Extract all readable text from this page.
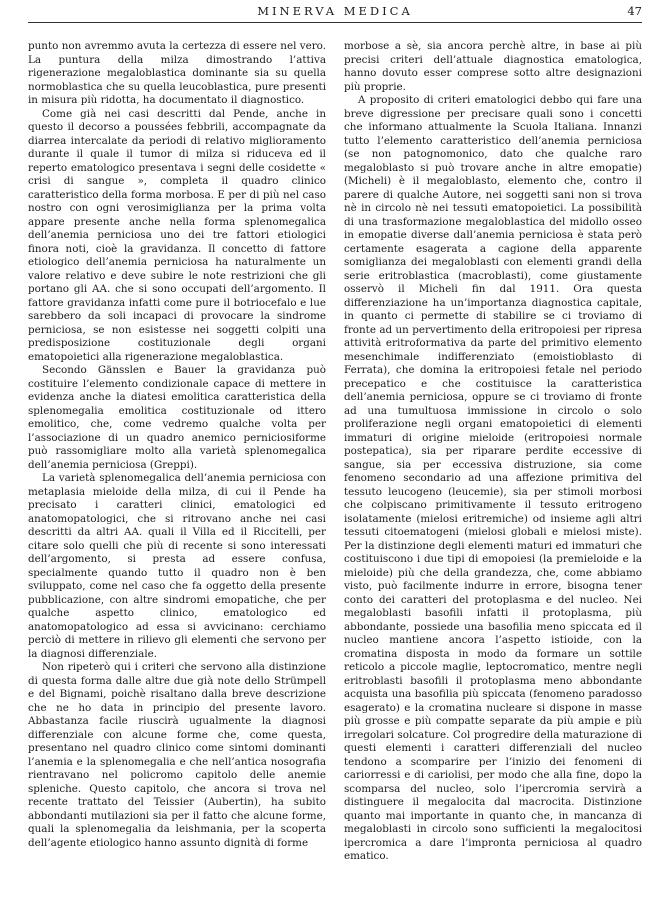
MINERVA MEDICA	47

punto non avremmo avuta la certezza di essere nel vero. La puntura della milza dimostrando l’attiva rigenerazione megaloblastica dominante sia su quella normoblastica che su quella leucoblastica, pure presenti in misura più ridotta, ha documentato il diagnostico.

Come già nei casi descritti dal Pende, anche in questo il decorso a poussées febbrili, accompagnate da diarrea intercalate da periodi di relativo miglioramento durante il quale il tumor di milza si riduceva ed il reperto ematologico presentava i segni delle cosidette « crisi di sangue », completa il quadro clinico caratteristico della forma morbosa. E per di più nel caso nostro con ogni verosimiglianza per la prima volta appare presente anche nella forma splenomegalica dell’anemia perniciosa uno dei tre fattori etiologici finora noti, cioè la gravidanza. Il concetto di fattore etiologico dell’anemia perniciosa ha naturalmente un valore relativo e deve subire le note restrizioni che gli portano gli AA. che si sono occupati dell’argomento. Il fattore gravidanza infatti come pure il botriocefalo e lue sarebbero da soli incapaci di provocare la sindrome perniciosa, se non esistesse nei soggetti colpiti una predisposizione costituzionale degli organi ematopoietici alla rigenerazione megaloblastica.

Secondo Gänsslen e Bauer la gravidanza può costituire l’elemento condizionale capace di mettere in evidenza anche la diatesi emolitica caratteristica della splenomegalia emolitica costituzionale od ittero emolitico, che, come vedremo qualche volta per l’associazione di un quadro anemico perniciosiforme può rassomigliare molto alla varietà splenomegalica dell’anemia perniciosa (Greppi).

La varietà splenomegalica dell’anemia perniciosa con metaplasia mieloide della milza, di cui il Pende ha precisato i caratteri clinici, ematologici ed anatomopatologici, che si ritrovano anche nei casi descritti da altri AA. quali il Villa ed il Riccitelli, per citare solo quelli che più di recente si sono interessati dell’argomento, si presta ad essere confusa, specialmente quando tutto il quadro non è ben sviluppato, come nel caso che fa oggetto della presente pubblicazione, con altre sindromi emopatiche, che per qualche aspetto clinico, ematologico ed anatomopatologico ad essa si avvicinano: cerchiamo perciò di mettere in rilievo gli elementi che servono per la diagnosi differenziale.

Non ripeterò qui i criteri che servono alla distinzione di questa forma dalle altre due già note dello Strümpell e del Bignami, poichè risaltano dalla breve descrizione che ne ho data in principio del presente lavoro. Abbastanza facile riuscirà ugualmente la diagnosi differenziale con alcune forme che, come questa, presentano nel quadro clinico come sintomi dominanti l’anemia e la splenomegalia e che nell’antica nosografia rientravano nel policromo capitolo delle anemie spleniche. Questo capitolo, che ancora si trova nel recente trattato del Teissier (Aubertin), ha subito abbondanti mutilazioni sia per il fatto che alcune forme, quali la splenomegalia da leishmania, per la scoperta dell’agente etiologico hanno assunto dignità di forme

morbose a sè, sia ancora perchè altre, in base ai più precisi criteri dell’attuale diagnostica ematologica, hanno dovuto esser comprese sotto altre designazioni più proprie.

A proposito di criteri ematologici debbo qui fare una breve digressione per precisare quali sono i concetti che informano attualmente la Scuola Italiana. Innanzi tutto l’elemento caratteristico dell’anemia perniciosa (se non patognomonico, dato che qualche raro megaloblasto si può trovare anche in altre emopatie) (Micheli) è il megaloblasto, elemento che, contro il parere di qualche Autore, nei soggetti sani non si trova nè in circolo nè nei tessuti ematopoietici. La possibilità di una trasformazione megaloblastica del midollo osseo in emopatie diverse dall’anemia perniciosa è stata però certamente esagerata a cagione della apparente somiglianza dei megaloblasti con elementi grandi della serie eritroblastica (macroblasti), come giustamente osservò il Micheli fin dal 1911. Ora questa differenziazione ha un’importanza diagnostica capitale, in quanto ci permette di stabilire se ci troviamo di fronte ad un pervertimento della eritropoiesi per ripresa attività eritroformativa da parte del primitivo elemento mesenchimale indifferenziato (emoistioblasto di Ferrata), che domina la eritropoiesi fetale nel periodo precepatico e che costituisce la caratteristica dell’anemia perniciosa, oppure se ci troviamo di fronte ad una tumultuosa immissione in circolo o solo proliferazione negli organi ematopoietici di elementi immaturi di origine mieloide (eritropoiesi normale postepatica), sia per riparare perdite eccessive di sangue, sia per eccessiva distruzione, sia come fenomeno secondario ad una affezione primitiva del tessuto leucogeno (leucemie), sia per stimoli morbosi che colpiscano primitivamente il tessuto eritrogeno isolatamente (mielosi eritremiche) od insieme agli altri tessuti citoematogeni (mielosi globali e mielosi miste). Per la distinzione degli elementi maturi ed immaturi che costituiscono i due tipi di emopoiesi (la premieloide e la mieloide) più che della grandezza, che, come abbiamo visto, può facilmente indurre in errore, bisogna tener conto dei caratteri del protoplasma e del nucleo. Nei megaloblasti basofili infatti il protoplasma, più abbondante, possiede una basofilia meno spiccata ed il nucleo mantiene ancora l’aspetto istioide, con la cromatina disposta in modo da formare un sottile reticolo a piccole maglie, leptocromatico, mentre negli eritroblasti basofili il protoplasma meno abbondante acquista una basofilia più spiccata (fenomeno paradosso esagerato) e la cromatina nucleare si dispone in masse più grosse e più compatte separate da più ampie e più irregolari solcature. Col progredire della maturazione di questi elementi i caratteri differenziali del nucleo tendono a scomparire per l’inizio dei fenomeni di cariorressi e di cariolisi, per modo che alla fine, dopo la scomparsa del nucleo, solo l’ipercromia servirà a distinguere il megalocita dal macrocita. Distinzione quanto mai importante in quanto che, in mancanza di megaloblasti in circolo sono sufficienti la megalocitosi ipercromica a dare l’impronta perniciosa al quadro ematico.
